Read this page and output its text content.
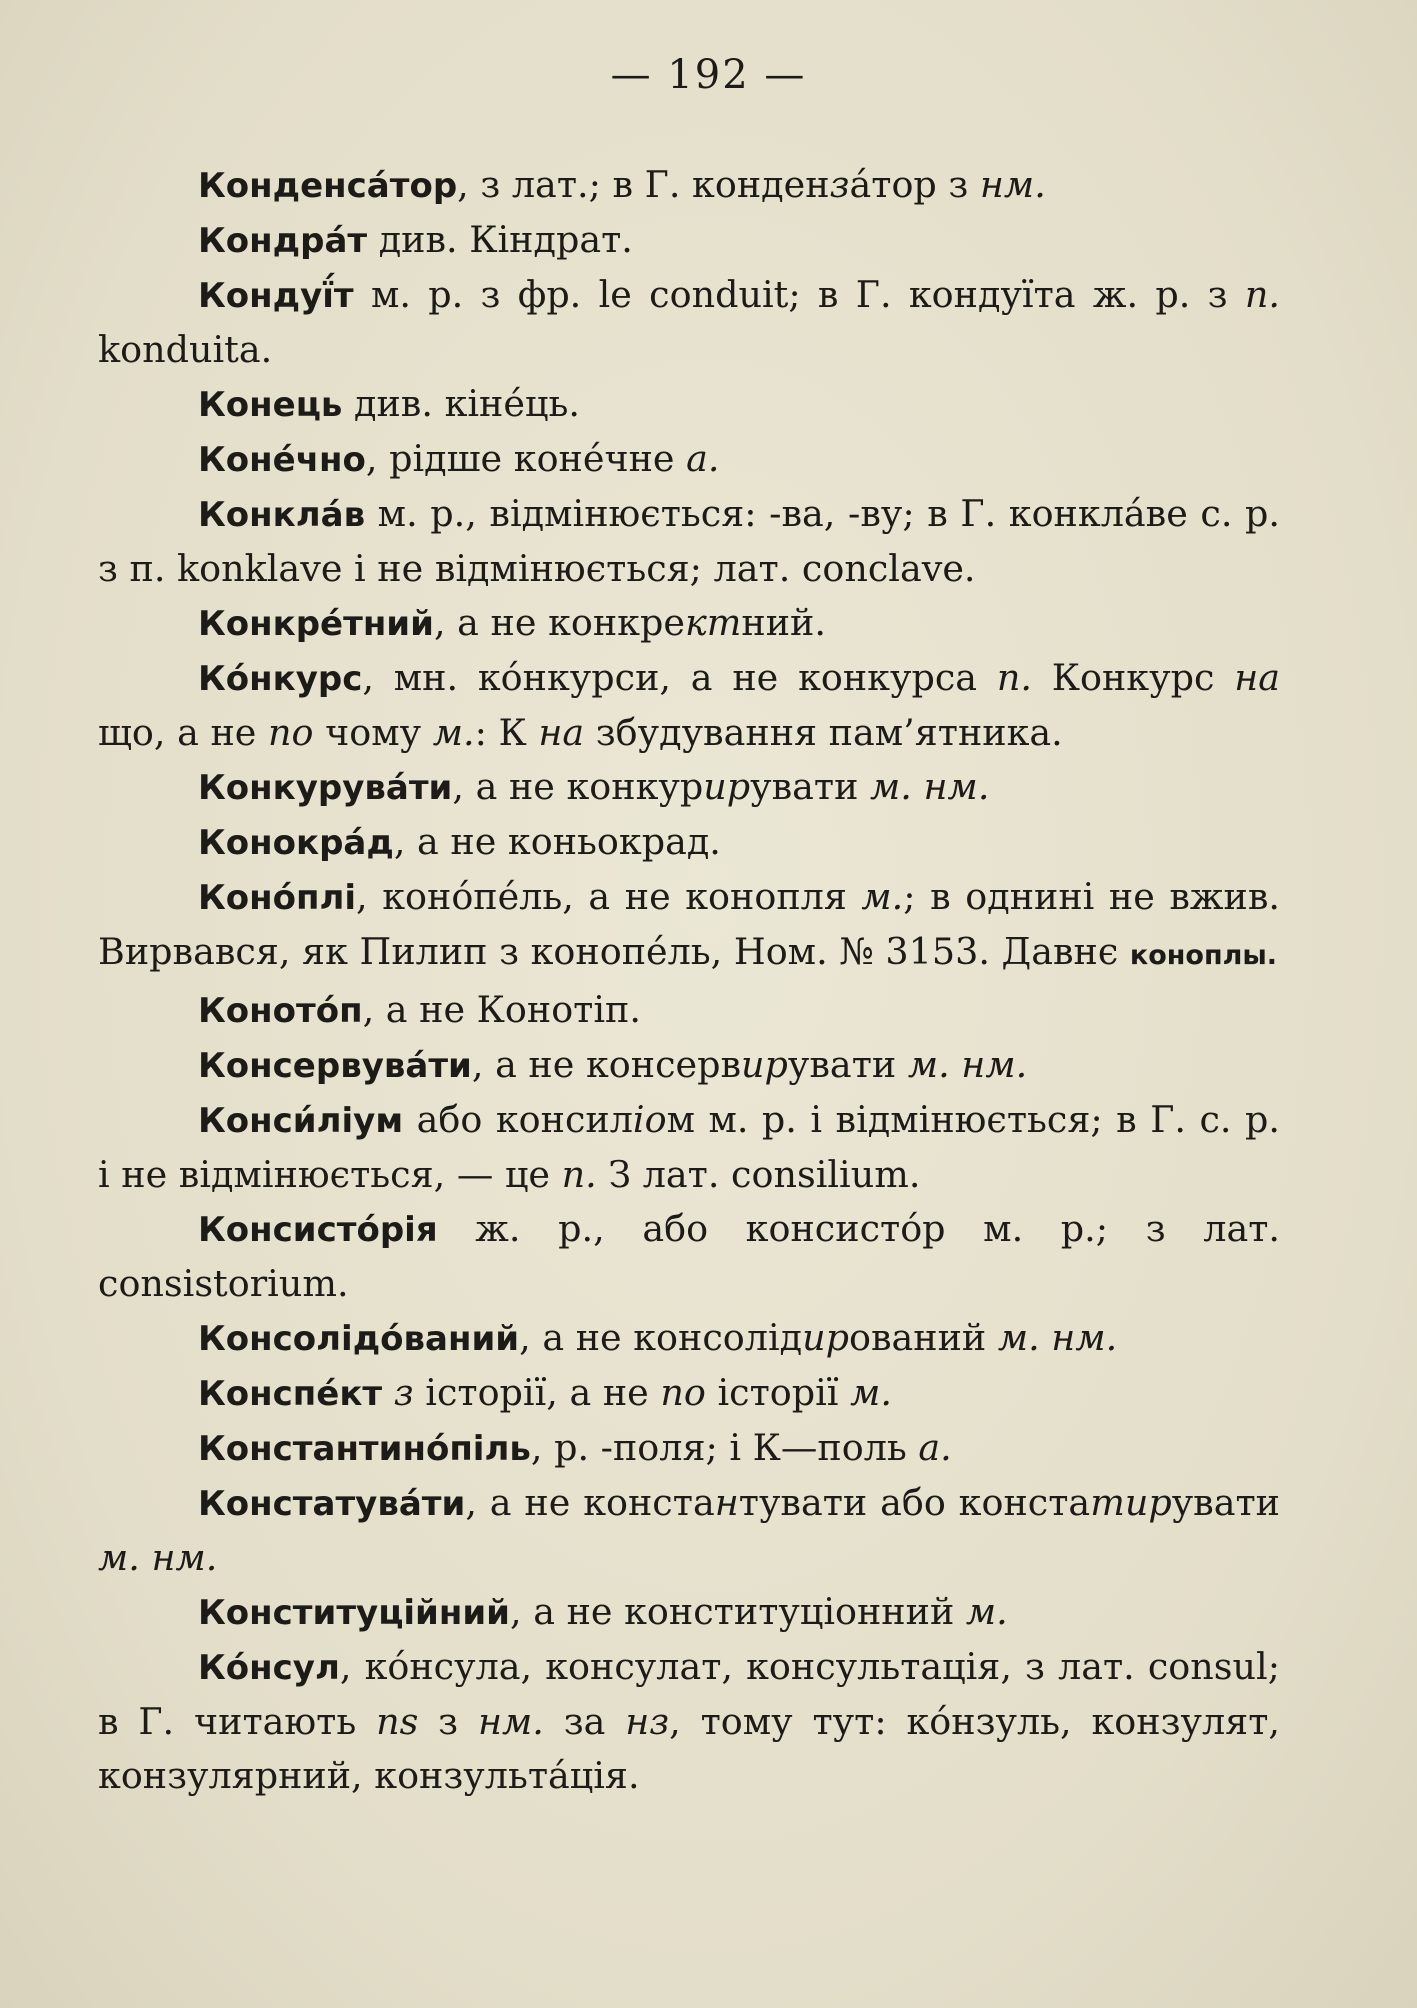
— 192 —

Конденса́тор, з лат.; в Г. конденза́тор з нм.

Кондра́т див. Кіндрат.

Кондуї́т м. р. з фр. le conduit; в Г. кондуїта ж. р. з п. konduita.

Конець див. кіне́ць.

Коне́чно, рідше коне́чне а.

Конкла́в м. р., відмінюється: -ва, -ву; в Г. конкла́ве с. р. з п. konklave і не відмінюється; лат. conclave.

Конкре́тний, а не конкректний.

Ко́нкурс, мн. ко́нкурси, а не конкурса п. Конкурс на що, а не по чому м.: К на збудування пам’ятника.

Конкурува́ти, а не конкурирувати м. нм.

Конокра́д, а не коньокрад.

Коно́плі, коно́пе́ль, а не конопля м.; в однині не вжив. Вирвався, як Пилип з конопе́ль, Ном. № 3153. Давнє коноплы.

Коното́п, а не Конотіп.

Консервува́ти, а не консервирувати м. нм.

Конси́ліум або консиліом м. р. і відмінюється; в Г. с. р. і не відмінюється, — це п. З лат. consilium.

Консисто́рія ж. р., або консисто́р м. р.; з лат. consistorium.

Консолідо́ваний, а не консолідирований м. нм.

Конспе́кт з історії, а не по історії м.

Константино́піль, р. -поля; і К—поль а.

Констатува́ти, а не константувати або констатирувати м. нм.

Конституційний, а не конституціонний м.

Ко́нсул, ко́нсула, консулат, консультація, з лат. consul; в Г. читають ns з нм. за нз, тому тут: ко́нзуль, конзулят, конзулярний, конзульта́ція.
